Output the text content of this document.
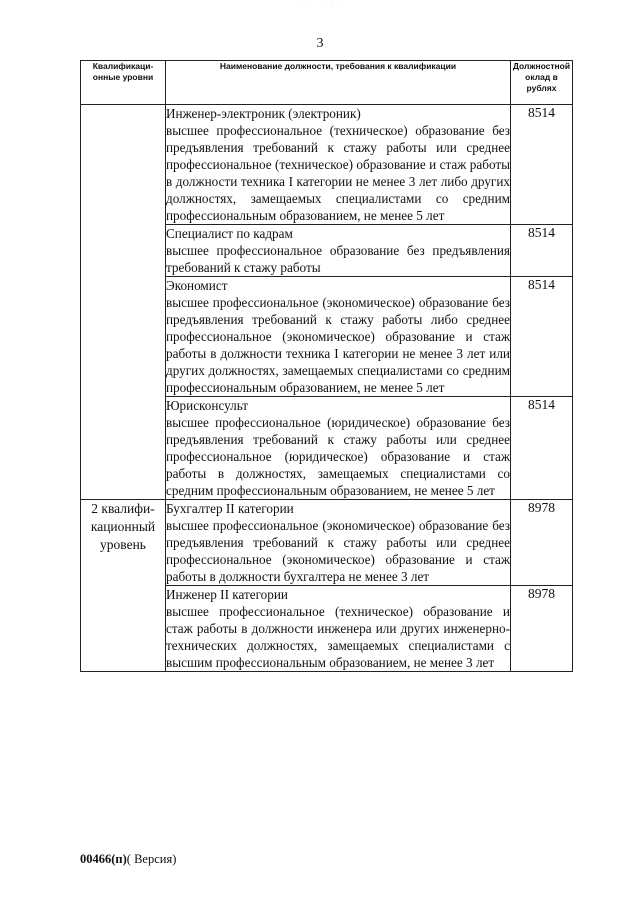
· · · · .
3
Квалификаци-онные уровни	Наименование должности, требования к квалификации	Должностной оклад в рублях

	Инженер-электроник (электроник)
высшее профессиональное (техническое) образование без предъявления требований к стажу работы или среднее профессиональное (техническое) образование и стаж работы в должности техника I категории не менее 3 лет либо других должностях, замещаемых специалистами со средним профессиональным образованием, не менее 5 лет	8514

	Специалист по кадрам
высшее профессиональное образование без предъявления требований к стажу работы	8514

	Экономист
высшее профессиональное (экономическое) образование без предъявления требований к стажу работы либо среднее профессиональное (экономическое) образование и стаж работы в должности техника I категории не менее 3 лет или других должностях, замещаемых специалистами со средним профессиональным образованием, не менее 5 лет	8514

	Юрисконсульт
высшее профессиональное (юридическое) образование без предъявления требований к стажу работы или среднее профессиональное (юридическое) образование и стаж работы в должностях, замещаемых специалистами со средним профессиональным образованием, не менее 5 лет	8514
2 квалифи-кационный уровень	Бухгалтер II категории
высшее профессиональное (экономическое) образование без предъявления требований к стажу работы или среднее профессиональное (экономическое) образование и стаж работы в должности бухгалтера не менее 3 лет	8978

	Инженер II категории
высшее профессиональное (техническое) образование и стаж работы в должности инженера или других инженерно-технических должностях, замещаемых специалистами с высшим профессиональным образованием, не менее 3 лет	8978
00466(п)( Версия)
